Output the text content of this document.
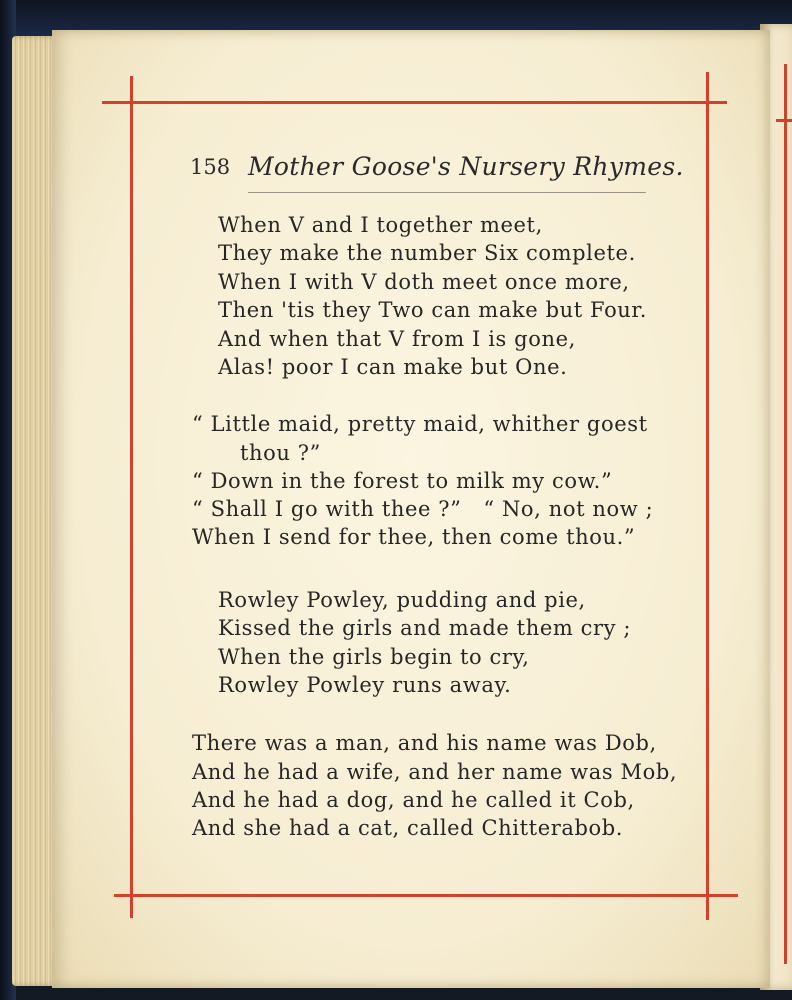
158 Mother Goose's Nursery Rhymes.
When V and I together meet,
They make the number Six complete.
When I with V doth meet once more,
Then 'tis they Two can make but Four.
And when that V from I is gone,
Alas! poor I can make but One.
“ Little maid, pretty maid, whither goest
thou ?”
“ Down in the forest to milk my cow.”
“ Shall I go with thee ?”   “ No, not now ;
When I send for thee, then come thou.”
Rowley Powley, pudding and pie,
Kissed the girls and made them cry ;
When the girls begin to cry,
Rowley Powley runs away.
There was a man, and his name was Dob,
And he had a wife, and her name was Mob,
And he had a dog, and he called it Cob,
And she had a cat, called Chitterabob.
